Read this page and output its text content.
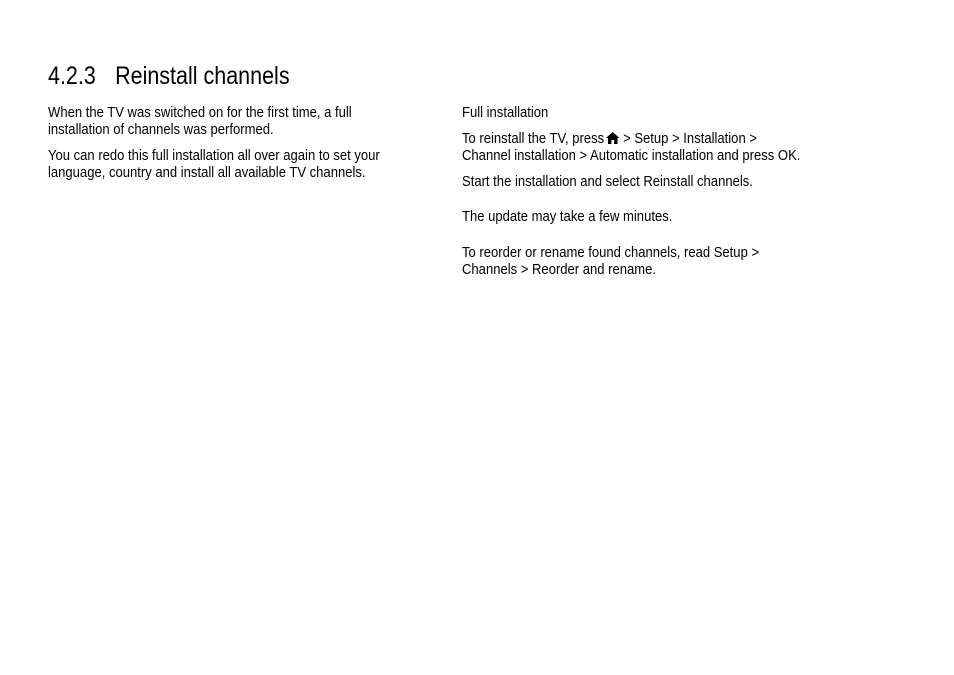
4.2.3 Reinstall channels

When the TV was switched on for the first time, a full
installation of channels was performed.

You can redo this full installation all over again to set your
language, country and install all available TV channels.

Full installation

To reinstall the TV, press > Setup > Installation >
Channel installation > Automatic installation and press OK.

Start the installation and select Reinstall channels.

The update may take a few minutes.

To reorder or rename found channels, read Setup >
Channels > Reorder and rename.
